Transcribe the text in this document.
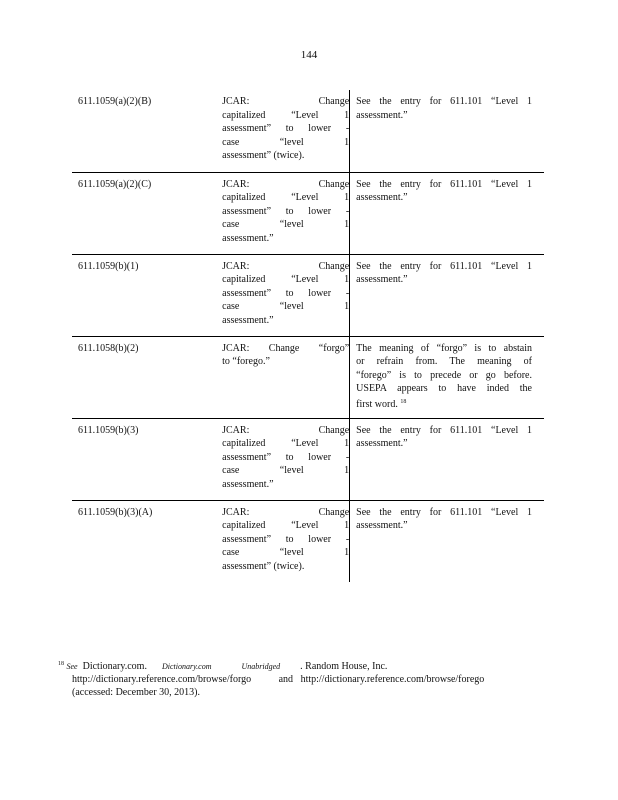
144
611.1059(a)(2)(B)	JCAR: Change
capitalized “Level 1
assessment” to lower -
case “level 1
assessment” (twice).	See the entry for 611.101 “Level 1
assessment.”

611.1059(a)(2)(C)	JCAR: Change
capitalized “Level 1
assessment” to lower -
case “level 1
assessment.”	See the entry for 611.101 “Level 1
assessment.”

611.1059(b)(1)	JCAR: Change
capitalized “Level 1
assessment” to lower -
case “level 1
assessment.”	See the entry for 611.101 “Level 1
assessment.”

611.1058(b)(2)	JCAR: Change “forgo”
to “forego.”	The meaning of “forgo” is to abstain
or refrain from. The meaning of
“forego” is to precede or go before.
USEPA appears to have inded the
first word. $^{18}$

611.1059(b)(3)	JCAR: Change
capitalized “Level 1
assessment” to lower -
case “level 1
assessment.”	See the entry for 611.101 “Level 1
assessment.”

611.1059(b)(3)(A)	JCAR: Change
capitalized “Level 1
assessment” to lower -
case “level 1
assessment” (twice).	See the entry for 611.101 “Level 1
assessment.”
$^{18}$ See Dictionary.com. Dictionary.com	Unabridged . Random House, Inc.
http://dictionary.reference.com/browse/forgo	and http://dictionary.reference.com/browse/forego
(accessed: December 30, 2013).
